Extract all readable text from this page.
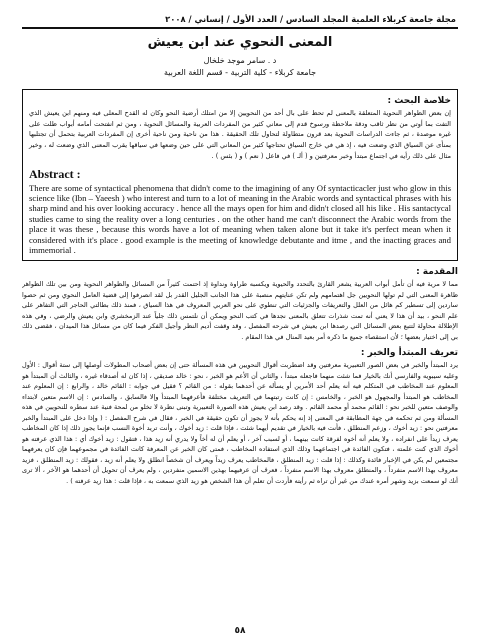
مجلة جامعة كربلاء العلمية المجلد السادس / العدد الأول / إنساني / ٢٠٠٨
المعنى النحوي عند ابن يعيش
د . سامر موجد خلخال
جامعة كربلاء - كلية التربية - قسم اللغة العربية
خلاصة البحث :

إن بعض الظواهر النحوية المتعلقة بالمعنى لم تحظ على بال أحد من النحويين إلا من امتلك أرضية النحو وكان له القدح المعلى فيه ومنهم ابن يعيش الذي التفت بما أوتي من نظر ثاقب ودقة ملاحظة ورسوخ قدم إلى معاني كثير من المفردات العربية والمسائل النحوية ، ومن ثم انفتحت أمامه أبواب ظلت على غيره موصدة ، ثم جاءت الدراسات النحوية بعد قرون متطاولة لتحاول تلك الحقيقة . هذا من ناحية ومن ناحية أخرى إن المفردات العربية بتحمل أن تجتلبها بمنأى عن السياق الذي وضعت فيه ، إذ هي في خارج السياق تحتاجها كثير من المعاني التي على حين وضعها في سياقها يقرب المعنى الذي وضعت له ، وخير مثال على ذلك رأيه في اجتماع مبتدأ وخبر معرفتين و ( ألـ ) في فاعل ( نعم ) و ( بئس ) .

Abstract :

There are some of syntactical phenomena that didn't come to the imagining of any Of syntacticacler just who glow in this science like (Ibn – Yaeesh ) who interest and turn to a lot of meaning in the Arabic words and syntactical phrases with his sharp mind and his over looking accuracy . hence all the mays open for him and didn't closed all his like . His santactycal studies came to sing the reality over a long centuries . on the other hand me can't disconnect the Arabic words from the place it was these , because this words have a lot of meaning when taken alone but it take it's perfect mean when it considered with it's place . good example is the meeting of knowledge debutante and itme , and the inacting graces and immemorial .

المقدمة :

مما لا مرية فيه أن تأمل أبواب العربية يشعر القارئ بالتحدد والحيوية ويكسبه طراوة ونداوة إذ احتمت كثيراً من المسائل والظواهر النحوية ومن بين تلك الظواهر ظاهرة المعنى التي لم تولها النحويين جل اهتمامهم ولم تكن عنايتهم منصبة على هذا الجانب الجليل القدر بل لقد انصرفوا إلى قضية العامل النحوي ومن ثم حصوا ساردين إلى تسطير كم هائل من العلل والتعريفات والجزئيات التي تنطوي على نحو العربي المعروف في هذا السياق ، فمنذ ذلك بطالتي الحاجر التي التفاهر على علم النحو ، بيد أن هذا لا يعني أنه تمت شذرات تتعلق بالمعنى نجدها في كتب النحو ويمكن أن نلتمس ذلك جلياً عند الزمخشري وابن يعيش والرضي ، وفي هذه الإطلالة محاولة لتتبع بعض المسائل التي رصدها ابن يعيش في شرحه المفصل ، وقد وقفت أديم النظر وأجيل الفكر فيما كان من مسائل هذا الميدان ، فقضى ذلك بي إلى اختيار بعضها ؛ لأن استقصاء جميع ما ذكره أمر بعيد المنال في هذا المقام .

تعريف المبتدأ والخبر :

يرد المبتدأ والخبر في بعض الصور التعبيرية معرفتين وقد اضطربت أقوال النحويين في هذه المسألة حتى إن بعض أصحاب المطولات أوصلها إلى ستة أقوال : الأول وعليه سيبويه والفارسي أنك بالخيار فما شئت منهما فاجعله مبتدأ ، والثاني أن الأعم هو الخبر ، نحو : خالد صديقي ، إذا كان له أصدقاء غيره ، والثالث أن المبتدأ هو المعلوم عند المخاطب في المتكلم فيه أنه يعلم أحد الأمرين أو يسأله عن أحدهما بقوله : من القائم ؟ فقيل في جوابه : القائم خالد ، والرابع : إن المعلوم عند المخاطب هو المبتدأ والمجهول هو الخبر ، والخامس : إن كانت رتبتهما في التعريف مختلفة فأعرفهما المبتدأ وإلا فالسابق ، والسادس : إن الاسم متعين لابتداء والوصف متعين للخبر نحو : القائم محمد أو محمد القائم . وقد رصد ابن يعيش هذه الصورة التعبيرية وتبنى نظرة لا تخلو من لمحة فنية عند سطره للنحويين في هذه المسألة ومن ثم تحكمه في جهة المطابقة في المعنى إذ إنه يحكم بأنه لا يجوز أن تكون حقيقة في الخبر ، فقال في شرح المفصل : ( وإذا دخل على المبتدأ والخبر معرفتين نحو : زيد أخوك ، وزعم المنطلق ، فأنت فيه بالخيار في تقديم أيهما شئت ، فإذا قلت : زيد أخوك ، وأنت تريد أخوة النسب فإنما يجوز ذلك إذا كان المخاطب يعرف زيداً على انفراده ، ولا يعلم أنه أخوه لفرقة كانت بينهما ، أو لسبب آخر ، أو يعلم أن له أخاً ولا يدري أنه زيد هذا ، فتقول : زيد أخوك أي : هذا الذي عرفته هو أخوك الذي كنت علمته ، فتكون الفائدة في اجتماعهما وذلك الذي استفاده المخاطب ، فمتى كان الخبر عن المعرفة كانت الفائدة في مجموعهما فإن كان يعرفهما مجتمعين لم يكن في الإخبار فائدة وكذلك : إذا قلت : زيد المنطلق ، فالمخاطب يعرف زيداً ويعرف أن شخصاً انطلق ولا يعلم أنه زيد ، فقولك : زيد المنطلق ، فزيد معروف بهذا الاسم منفرداً ، والمنطلق معروف بهذا الاسم منفرداً ، فعرف أن عرفيهما بهذين الاسمين منفردين ، ولم يعرف أن تحويل أن أحدهما هو الآخر ، ألا ترى أنك لو سمعت بزيد وشهر أمره عندك من غير أن تراه ثم رأيته فأردت أن تعلم أن هذا الشخص هو زيد الذي سمعت به ، فإذا قلت : هذا زيد عرفته ) .

٥٨
